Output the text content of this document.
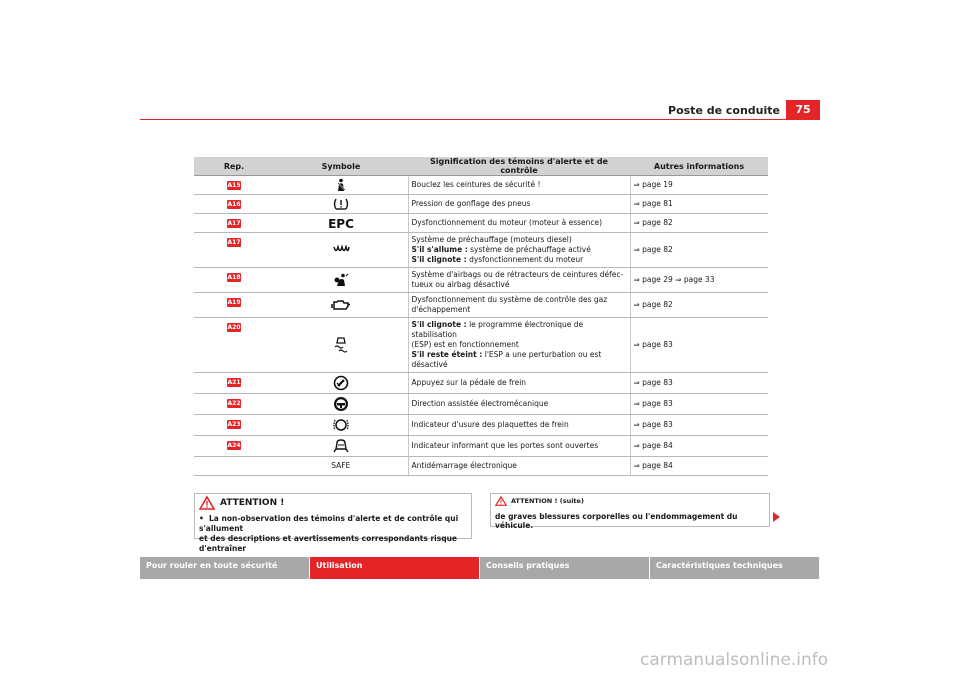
Poste de conduite	75
Rep.	Symbole	Signification des témoins d'alerte et de contrôle	Autres informations
A15		Bouclez les ceintures de sécurité !	⇒ page 19
A16		Pression de gonflage des pneus	⇒ page 81
A17	EPC	Dysfonctionnement du moteur (moteur à essence)	⇒ page 82
A17		Système de préchauffage (moteurs diesel)
S'il s'allume : système de préchauffage activé
S'il clignote : dysfonctionnement du moteur	⇒ page 82
A18		Système d'airbags ou de rétracteurs de ceintures défec-
tueux ou airbag désactivé	⇒ page 29 ⇒ page 33
A19		Dysfonctionnement du système de contrôle des gaz
d'échappement	⇒ page 82
A20		S'il clignote : le programme électronique de stabilisation
(ESP) est en fonctionnement
S'il reste éteint : l'ESP a une perturbation ou est désactivé	⇒ page 83
A21		Appuyez sur la pédale de frein	⇒ page 83
A22		Direction assistée électromécanique	⇒ page 83
A23		Indicateur d'usure des plaquettes de frein	⇒ page 83
A24		Indicateur informant que les portes sont ouvertes	⇒ page 84
	SAFE	Antidémarrage électronique	⇒ page 84
ATTENTION !
• La non-observation des témoins d'alerte et de contrôle qui s'allument
et des descriptions et avertissements correspondants risque d'entraîner
ATTENTION ! (suite)
de graves blessures corporelles ou l'endommagement du véhicule.
Pour rouler en toute sécurité	Utilisation	Conseils pratiques	Caractéristiques techniques
carmanualsonline.info
